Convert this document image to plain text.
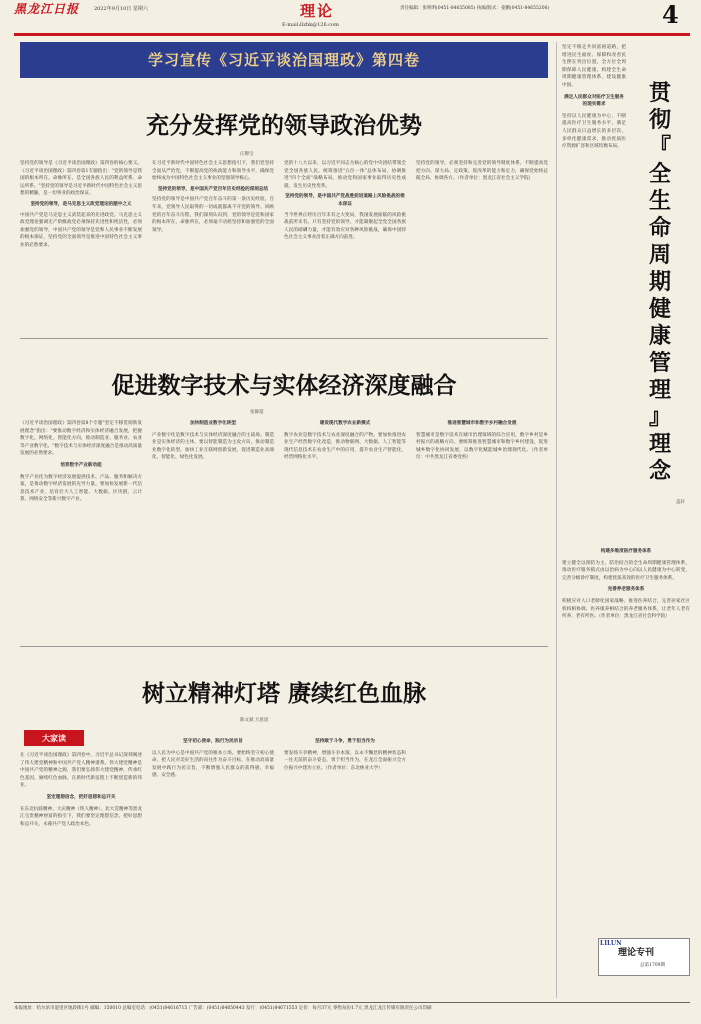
黑龙江日报	2022年9月10日 星期六	理论
E-mail:llzhk@126.com
责任编辑：张明明(0451-84655085) 执编/版式：姜鹏(0451-84655206)	4
学习宣传《习近平谈治国理政》第四卷
充分发挥党的领导政治优势
庄穆宝

坚持党的领导是《习近平谈治国理政》第四卷的核心要义。《习近平谈治国理政》第四卷第1专题指出："党的领导是我国的根本所在、命脉所在，是全国各族人民的利益所系、命运所系。"坚持党的领导是习近平新时代中国特色社会主义思想的精髓，是一切事业的政治保证。

坚持党的领导，是马克思主义政党理论的题中之义

中国共产党是马克思主义武装起来的先进政党。马克思主义政党理论强调无产阶级政党必须保持先进性和纯洁性，必须加强党的领导，中国共产党的领导是党和人民事业不断发展的根本保证，坚持党的全面领导是推进中国特色社会主义事业的必然要求。

在习近平新时代中国特色社会主义思想指引下，我们党坚持全面从严治党，不断提高党的执政能力和领导水平，确保党始终成为中国特色社会主义事业的坚强领导核心。

坚持党的领导，是中国共产党百年历史经验的深刻总结

坚持党的领导是中国共产党百年奋斗的第一条历史经验。百年来，党领导人民取得的一切成就都离不开党的领导。回顾党的百年奋斗历程，我们深刻认识到，党的领导是党和国家的根本所在、命脉所在，必须毫不动摇坚持和加强党的全面领导。

党的十八大以来，以习近平同志为核心的党中央团结带领全党全国各族人民，统筹推进"五位一体"总体布局，协调推进"四个全面"战略布局，推动党和国家事业取得历史性成就、发生历史性变革。

坚持党的领导，是中国共产党战胜前进道路上风险挑战的根本保证

当今世界正经历百年未有之大变局，我国发展面临的风险挑战前所未有。只有坚持党的领导，才能凝聚起全党全国各族人民的磅礴力量，才能有效应对各种风险挑战，确保中国特色社会主义事业沿着正确方向前进。

坚持党的领导，必须坚持和完善党的领导制度体系，不断提高党把方向、谋大局、定政策、促改革的能力和定力，确保党始终总揽全局、协调各方。（作者单位：黑龙江省社会主义学院）

促进数字技术与实体经济深度融合
张静超

《习近平谈治国理政》第四卷第8个专题"坚定不移贯彻新发展理念"指出："要推动数字经济和实体经济融合发展，把握数字化、网络化、智能化方向，推动制造业、服务业、农业等产业数字化。"数字技术与实体经济深度融合是推动高质量发展的必然要求。

培育数字产业新动能

数字产业化为数字经济发展提供技术、产品、服务和解决方案，是推动数字经济发展的先导力量。要加快发展新一代信息技术产业，培育壮大人工智能、大数据、区块链、云计算、网络安全等新兴数字产业。

加快制造业数字化转型

产业数字化是数字技术与实体经济深度融合的主战场。制造业是实体经济的主体，要以智能制造为主攻方向，推动制造业数字化转型，加快工业互联网创新发展，促进制造业高端化、智能化、绿色化发展。

建设现代数字农业新模式

数字农业是数字技术与农业深度融合的产物。要加快推进农业生产经营数字化改造，推动物联网、大数据、人工智能等现代信息技术在农业生产中的应用，提升农业生产智能化、经营网络化水平。

推进智慧城市和数字乡村融合发展

智慧城市是数字技术在城市治理领域的综合应用，数字乡村是乡村振兴的战略方向。要统筹推进智慧城市和数字乡村建设，促进城乡数字化协同发展，以数字化赋能城乡治理现代化。（作者单位：中共黑龙江省委党校）

树立精神灯塔 赓续红色血脉
陈文斌 万思思
大家读

在《习近平谈治国理政》第四卷中，习近平总书记深刻阐述了伟大建党精神和中国共产党人精神谱系。伟大建党精神是中国共产党的精神之源，我们要弘扬伟大建党精神，传承红色基因，赓续红色血脉，在新时代新征程上不断创造新的伟业。

坚定理想信念，把好思想和总开关

在东北抗联精神、大庆精神（铁人精神）、北大荒精神等黑龙江宝贵精神财富的指引下，我们要坚定理想信念，把好思想和总开关，永葆共产党人政治本色。

坚守初心使命，践行为民宗旨

以人民为中心是中国共产党的根本立场。要始终坚守初心使命，把人民对美好生活的向往作为奋斗目标，在推动高质量发展中践行为民宗旨，不断增强人民群众的获得感、幸福感、安全感。

坚持敢于斗争，勇于担当作为

要发扬斗争精神，增强斗争本领，以永不懈怠的精神状态和一往无前的奋斗姿态，勇于担当作为，在龙江全面振兴全方位振兴中建功立业。（作者单位：东北林业大学）

贯
彻
『
全
生
命
周
期
健
康
管
理
』
理
念
盖轩

坚定不移走共同富裕道路，把增进民生福祉、保障和改善民生摆在突出位置，全方位全周期保障人民健康，构建全生命周期健康管理体系，建设健康中国。

满足人民群众对医疗卫生服务的现实需求

坚持以人民健康为中心，不断提高医疗卫生服务水平，满足人民群众日益增长的多层次、多样化健康需求，推动优质医疗资源扩容和区域均衡布局。

构建多维度医疗服务体系

建立健全以预防为主、防治结合的全生命周期健康管理体系，推动医疗服务模式由以治病为中心向以人民健康为中心转变，完善分级诊疗制度，构建优质高效的医疗卫生服务体系。

完善养老服务体系

积极应对人口老龄化国家战略，推进医养结合，完善居家社区机构相协调、医养康养相结合的养老服务体系，让老年人老有所养、老有所医。（作者单位：黑龙江省社会科学院）

LILUN
理论专刊
总第1709期
本报地址：哈尔滨市道里区地段街1号 邮编：150010 总编室电话：(0451)84616715 广告部：(0451)84650443 发行：(0451)84671553 定价：每月37元 零售每份1.7元 黑龙江龙江传媒有限责任公司印刷
